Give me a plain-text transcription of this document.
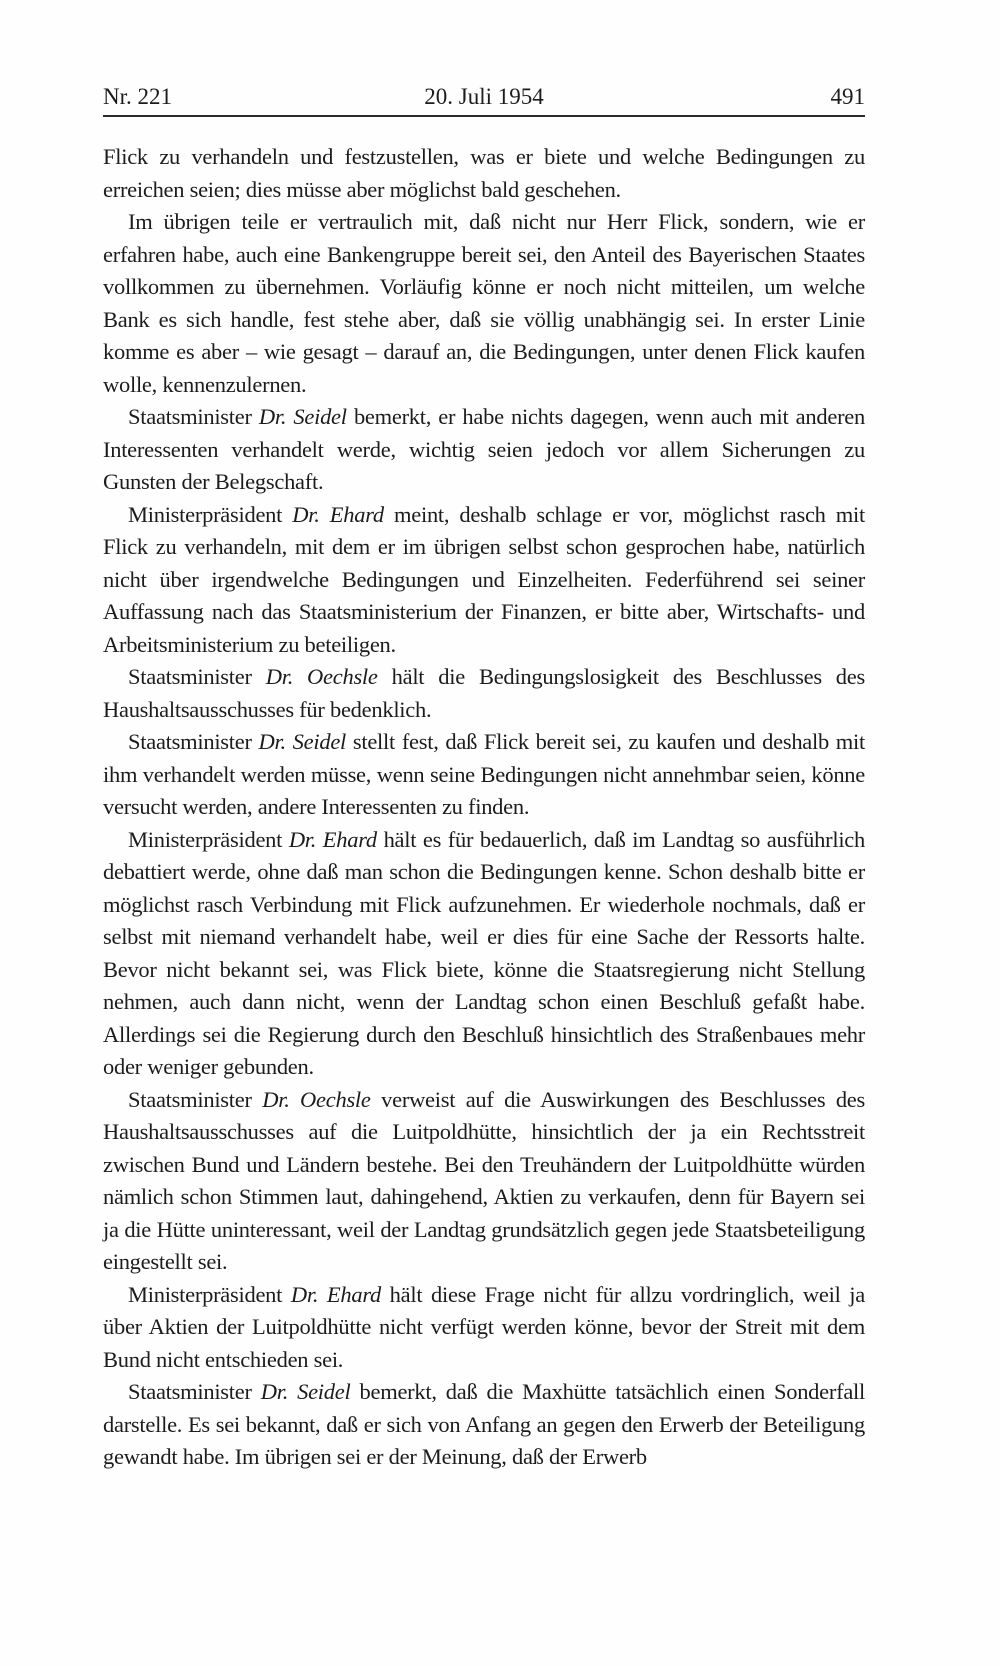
Nr. 221	20. Juli 1954	491

Flick zu verhandeln und festzustellen, was er biete und welche Bedingungen zu erreichen seien; dies müsse aber möglichst bald geschehen.

Im übrigen teile er vertraulich mit, daß nicht nur Herr Flick, sondern, wie er erfahren habe, auch eine Bankengruppe bereit sei, den Anteil des Bayerischen Staates vollkommen zu übernehmen. Vorläufig könne er noch nicht mitteilen, um welche Bank es sich handle, fest stehe aber, daß sie völlig unabhängig sei. In erster Linie komme es aber – wie gesagt – darauf an, die Bedingungen, unter denen Flick kaufen wolle, kennenzulernen.

Staatsminister Dr. Seidel bemerkt, er habe nichts dagegen, wenn auch mit anderen Interessenten verhandelt werde, wichtig seien jedoch vor allem Sicherungen zu Gunsten der Belegschaft.

Ministerpräsident Dr. Ehard meint, deshalb schlage er vor, möglichst rasch mit Flick zu verhandeln, mit dem er im übrigen selbst schon gesprochen habe, natürlich nicht über irgendwelche Bedingungen und Einzelheiten. Federführend sei seiner Auffassung nach das Staatsministerium der Finanzen, er bitte aber, Wirtschafts- und Arbeitsministerium zu beteiligen.

Staatsminister Dr. Oechsle hält die Bedingungslosigkeit des Beschlusses des Haushaltsausschusses für bedenklich.

Staatsminister Dr. Seidel stellt fest, daß Flick bereit sei, zu kaufen und deshalb mit ihm verhandelt werden müsse, wenn seine Bedingungen nicht annehmbar seien, könne versucht werden, andere Interessenten zu finden.

Ministerpräsident Dr. Ehard hält es für bedauerlich, daß im Landtag so ausführlich debattiert werde, ohne daß man schon die Bedingungen kenne. Schon deshalb bitte er möglichst rasch Verbindung mit Flick aufzunehmen. Er wiederhole nochmals, daß er selbst mit niemand verhandelt habe, weil er dies für eine Sache der Ressorts halte. Bevor nicht bekannt sei, was Flick biete, könne die Staatsregierung nicht Stellung nehmen, auch dann nicht, wenn der Landtag schon einen Beschluß gefaßt habe. Allerdings sei die Regierung durch den Beschluß hinsichtlich des Straßenbaues mehr oder weniger gebunden.

Staatsminister Dr. Oechsle verweist auf die Auswirkungen des Beschlusses des Haushaltsausschusses auf die Luitpoldhütte, hinsichtlich der ja ein Rechtsstreit zwischen Bund und Ländern bestehe. Bei den Treuhändern der Luitpoldhütte würden nämlich schon Stimmen laut, dahingehend, Aktien zu verkaufen, denn für Bayern sei ja die Hütte uninteressant, weil der Landtag grundsätzlich gegen jede Staatsbeteiligung eingestellt sei.

Ministerpräsident Dr. Ehard hält diese Frage nicht für allzu vordringlich, weil ja über Aktien der Luitpoldhütte nicht verfügt werden könne, bevor der Streit mit dem Bund nicht entschieden sei.

Staatsminister Dr. Seidel bemerkt, daß die Maxhütte tatsächlich einen Sonderfall darstelle. Es sei bekannt, daß er sich von Anfang an gegen den Erwerb der Beteiligung gewandt habe. Im übrigen sei er der Meinung, daß der Erwerb
